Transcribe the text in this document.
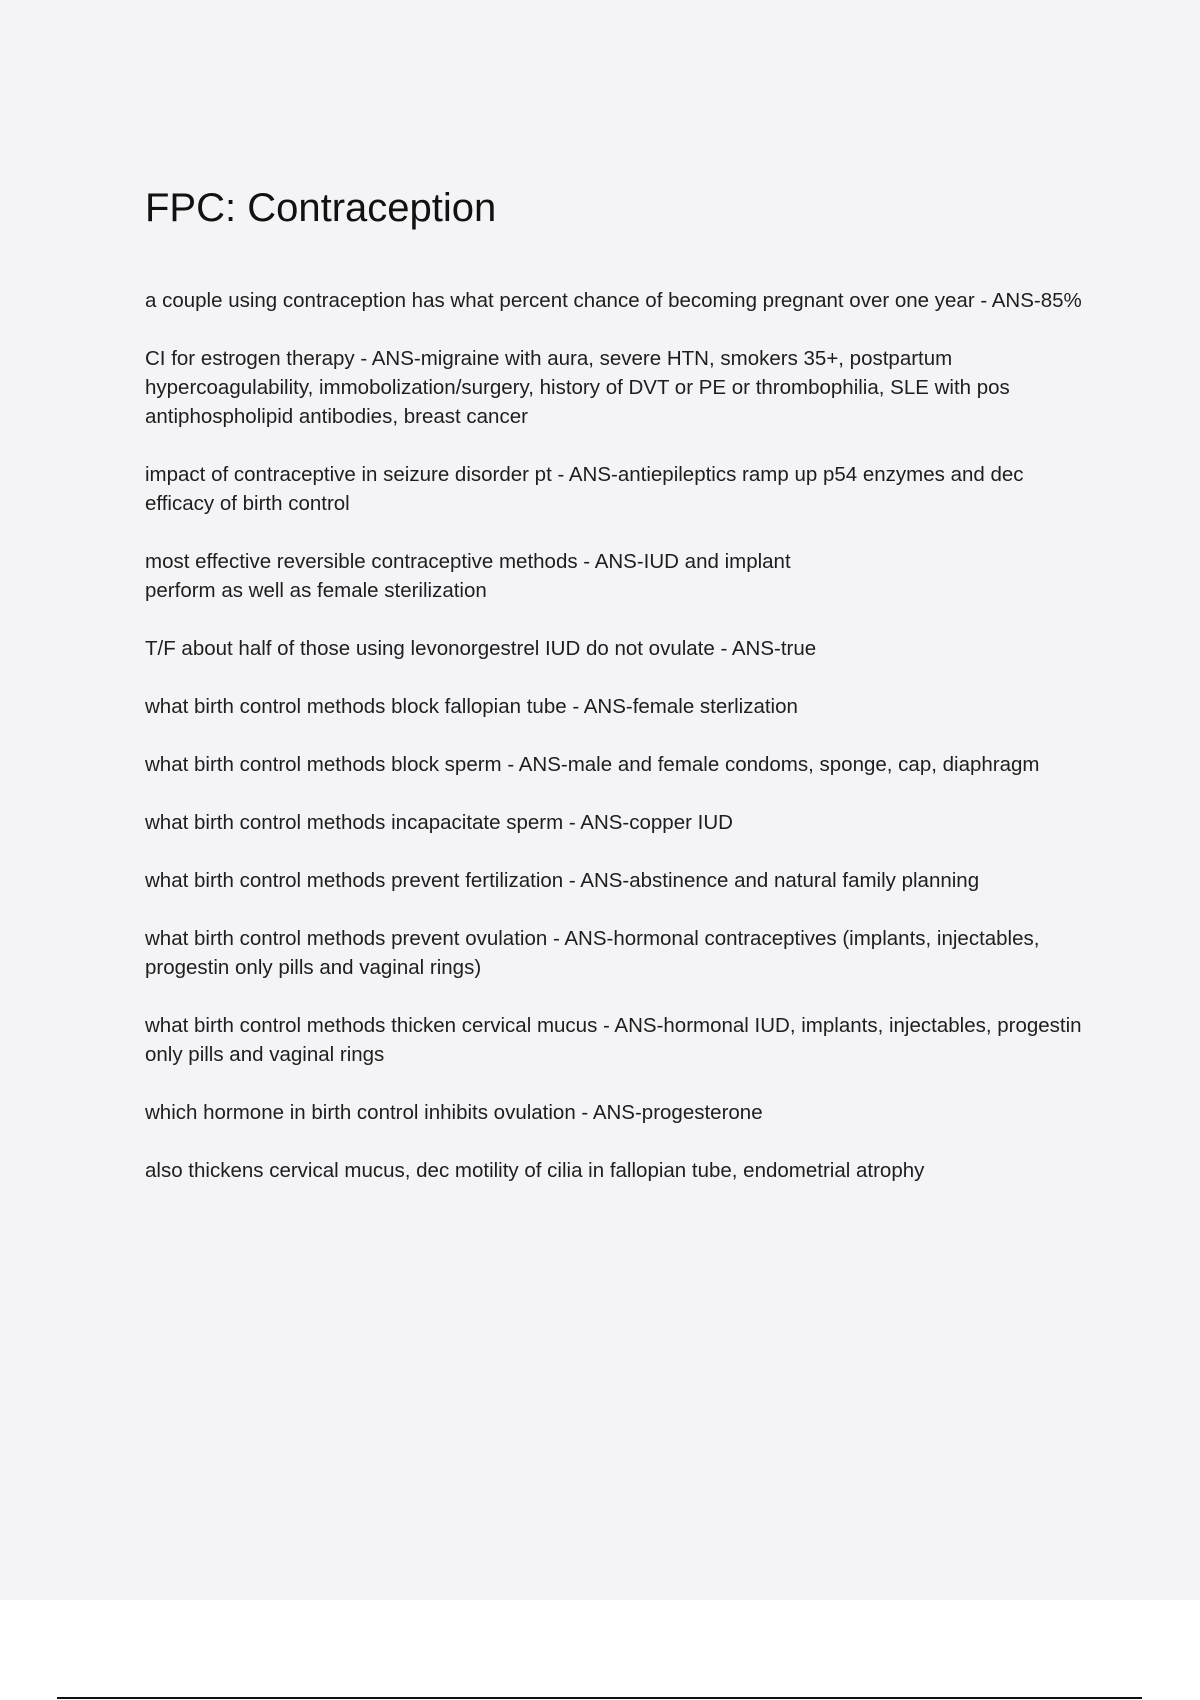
FPC: Contraception

a couple using contraception has what percent chance of becoming pregnant over one year - ANS-85%

CI for estrogen therapy - ANS-migraine with aura, severe HTN, smokers 35+, postpartum hypercoagulability, immobolization/surgery, history of DVT or PE or thrombophilia, SLE with pos antiphospholipid antibodies, breast cancer

impact of contraceptive in seizure disorder pt - ANS-antiepileptics ramp up p54 enzymes and dec efficacy of birth control

most effective reversible contraceptive methods - ANS-IUD and implant
perform as well as female sterilization

T/F about half of those using levonorgestrel IUD do not ovulate - ANS-true

what birth control methods block fallopian tube - ANS-female sterlization

what birth control methods block sperm - ANS-male and female condoms, sponge, cap, diaphragm

what birth control methods incapacitate sperm - ANS-copper IUD

what birth control methods prevent fertilization - ANS-abstinence and natural family planning

what birth control methods prevent ovulation - ANS-hormonal contraceptives (implants, injectables, progestin only pills and vaginal rings)

what birth control methods thicken cervical mucus - ANS-hormonal IUD, implants, injectables, progestin only pills and vaginal rings

which hormone in birth control inhibits ovulation - ANS-progesterone

also thickens cervical mucus, dec motility of cilia in fallopian tube, endometrial atrophy
